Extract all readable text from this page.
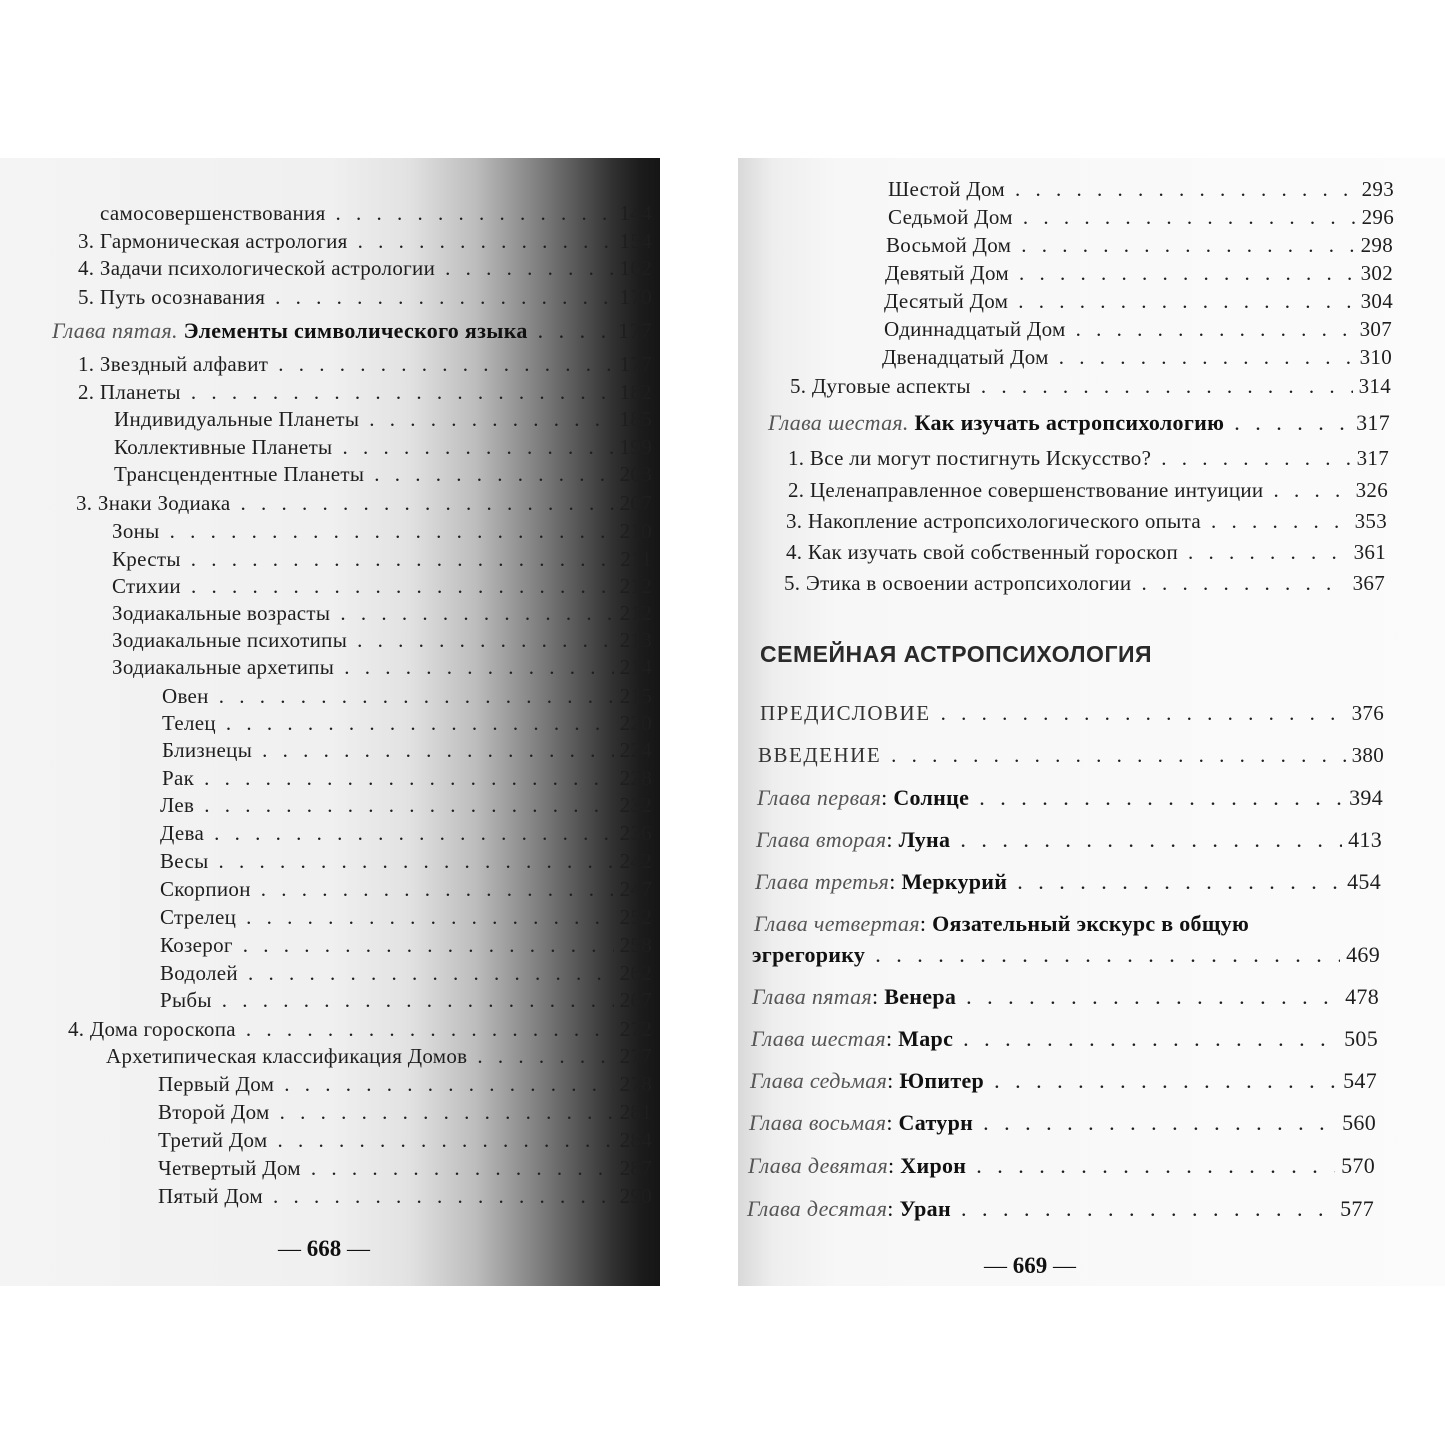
самосовершенствования . . .	144
3. Гармоническая астрология . . .	154
4. Задачи психологической астрологии . . .	162
5. Путь осознавания . . .	170
Глава пятая. Элементы символического языка . . .	177
1. Звездный алфавит . . .	177
2. Планеты . . .	182
Индивидуальные Планеты . . .	185
Коллективные Планеты . . .	199
Трансцендентные Планеты . . .	203
3. Знаки Зодиака . . .	207
Зоны . . .	210
Кресты . . .	211
Стихии . . .	212
Зодиакальные возрасты . . .	212
Зодиакальные психотипы . . .	213
Зодиакальные архетипы . . .	214
Овен . . .	215
Телец . . .	220
Близнецы . . .	224
Рак . . .	228
Лев . . .	232
Дева . . .	236
Весы . . .	242
Скорпион . . .	247
Стрелец . . .	252
Козерог . . .	258
Водолей . . .	262
Рыбы . . .	267
4. Дома гороскопа . . .	272
Архетипическая классификация Домов . . .	277
Первый Дом . . .	278
Второй Дом . . .	281
Третий Дом . . .	284
Четвертый Дом . . .	287
Пятый Дом . . .	290
— 668 —
Шестой Дом . . .	293
Седьмой Дом . . .	296
Восьмой Дом . . .	298
Девятый Дом . . .	302
Десятый Дом . . .	304
Одиннадцатый Дом . . .	307
Двенадцатый Дом . . .	310
5. Дуговые аспекты . . .	314
Глава шестая. Как изучать астропсихологию . . .	317
1. Все ли могут постигнуть Искусство? . . .	317
2. Целенаправленное совершенствование интуиции . . .	326
3. Накопление астропсихологического опыта . . .	353
4. Как изучать свой собственный гороскоп . . .	361
5. Этика в освоении астропсихологии . . .	367
СЕМЕЙНАЯ АСТРОПСИХОЛОГИЯ
ПРЕДИСЛОВИЕ . . .	376
ВВЕДЕНИЕ . . .	380
Глава первая: Солнце . . .	394
Глава вторая: Луна . . .	413
Глава третья: Меркурий . . .	454
Глава четвертая: Оязательный экскурс в общую
эгрегорику . . .	469
Глава пятая: Венера . . .	478
Глава шестая: Марс . . .	505
Глава седьмая: Юпитер . . .	547
Глава восьмая: Сатурн . . .	560
Глава девятая: Хирон . . .	570
Глава десятая: Уран . . .	577
— 669 —
